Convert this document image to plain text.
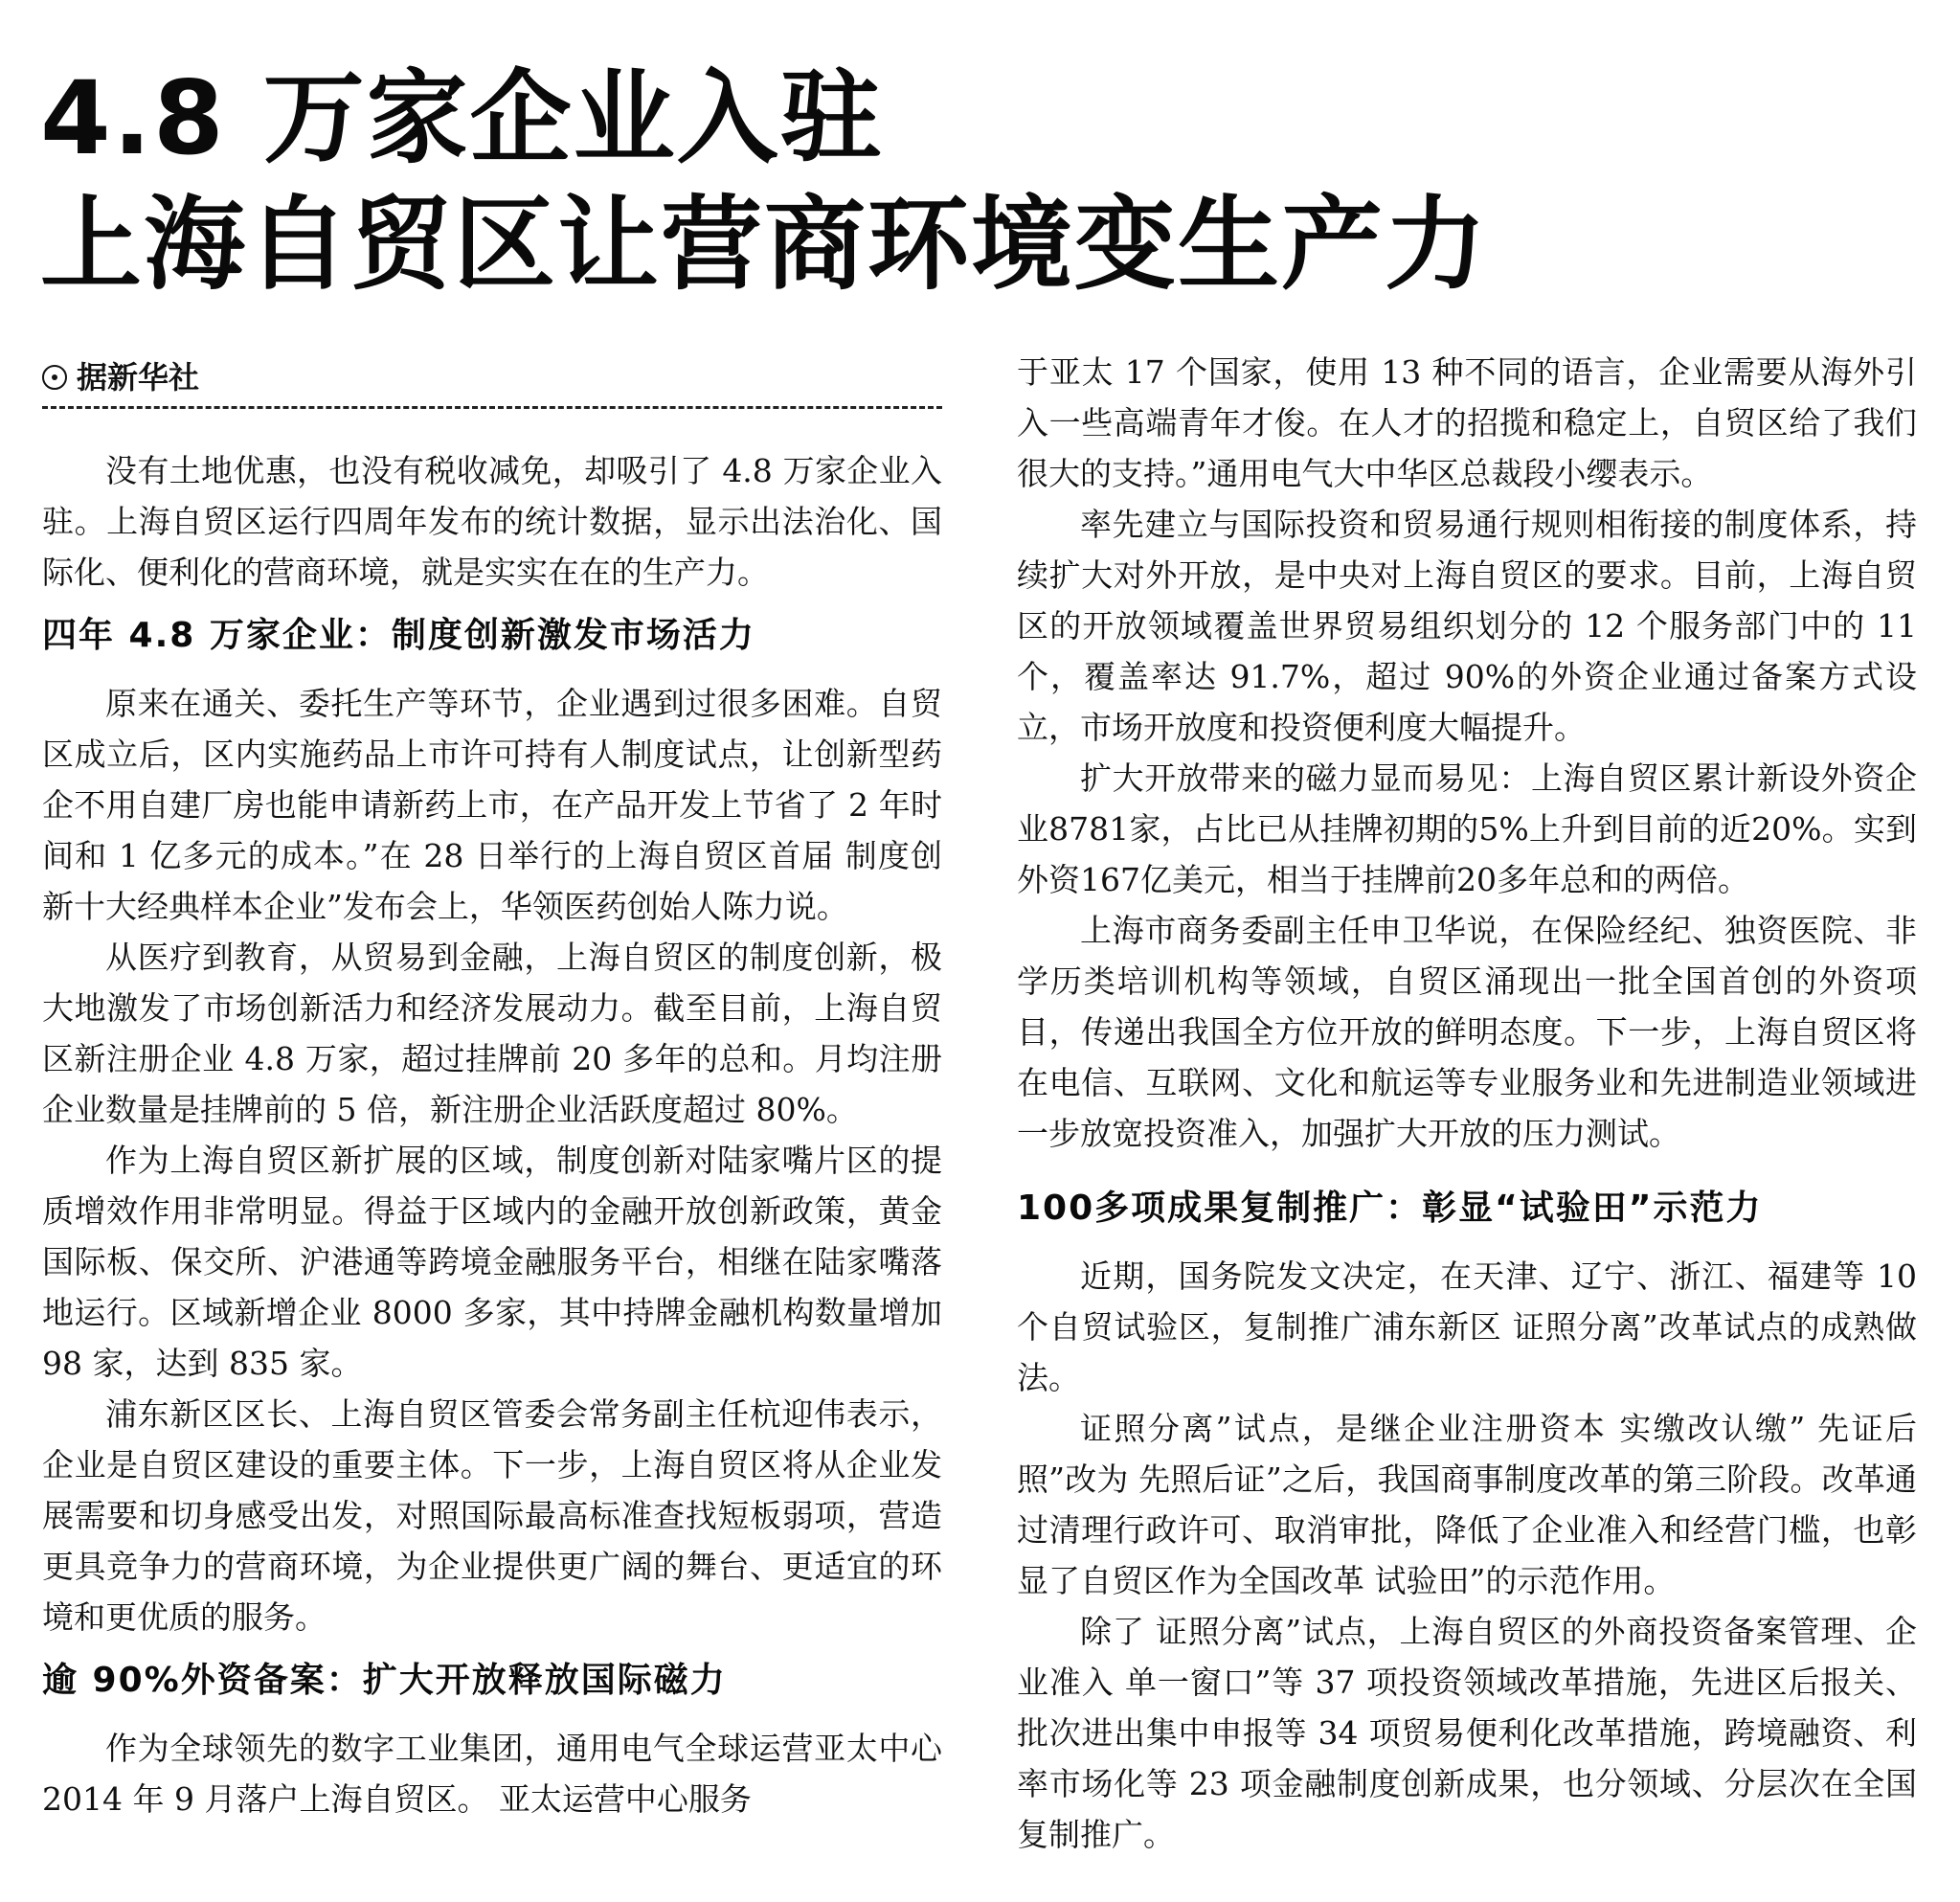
4.8 万家企业入驻
上海自贸区让营商环境变生产力
据新华社

没有土地优惠，也没有税收减免，却吸引了 4.8 万家企业入驻。上海自贸区运行四周年发布的统计数据，显示出法治化、国际化、便利化的营商环境，就是实实在在的生产力。

四年 4.8 万家企业：制度创新激发市场活力

原来在通关、委托生产等环节，企业遇到过很多困难。自贸区成立后，区内实施药品上市许可持有人制度试点，让创新型药企不用自建厂房也能申请新药上市，在产品开发上节省了 2 年时间和 1 亿多元的成本。”在 28 日举行的上海自贸区首届 制度创新十大经典样本企业”发布会上，华领医药创始人陈力说。

从医疗到教育，从贸易到金融，上海自贸区的制度创新，极大地激发了市场创新活力和经济发展动力。截至目前，上海自贸区新注册企业 4.8 万家，超过挂牌前 20 多年的总和。月均注册企业数量是挂牌前的 5 倍，新注册企业活跃度超过 80%。

作为上海自贸区新扩展的区域，制度创新对陆家嘴片区的提质增效作用非常明显。得益于区域内的金融开放创新政策，黄金国际板、保交所、沪港通等跨境金融服务平台，相继在陆家嘴落地运行。区域新增企业 8000 多家，其中持牌金融机构数量增加 98 家，达到 835 家。

浦东新区区长、上海自贸区管委会常务副主任杭迎伟表示，企业是自贸区建设的重要主体。下一步，上海自贸区将从企业发展需要和切身感受出发，对照国际最高标准查找短板弱项，营造更具竞争力的营商环境，为企业提供更广阔的舞台、更适宜的环境和更优质的服务。

逾 90%外资备案：扩大开放释放国际磁力

作为全球领先的数字工业集团，通用电气全球运营亚太中心 2014 年 9 月落户上海自贸区。 亚太运营中心服务

于亚太 17 个国家，使用 13 种不同的语言，企业需要从海外引入一些高端青年才俊。在人才的招揽和稳定上，自贸区给了我们很大的支持。”通用电气大中华区总裁段小缨表示。

率先建立与国际投资和贸易通行规则相衔接的制度体系，持续扩大对外开放，是中央对上海自贸区的要求。目前，上海自贸区的开放领域覆盖世界贸易组织划分的 12 个服务部门中的 11 个，覆盖率达 91.7%，超过 90%的外资企业通过备案方式设立，市场开放度和投资便利度大幅提升。

扩大开放带来的磁力显而易见：上海自贸区累计新设外资企业8781家，占比已从挂牌初期的5%上升到目前的近20%。实到外资167亿美元，相当于挂牌前20多年总和的两倍。

上海市商务委副主任申卫华说，在保险经纪、独资医院、非学历类培训机构等领域，自贸区涌现出一批全国首创的外资项目，传递出我国全方位开放的鲜明态度。下一步，上海自贸区将在电信、互联网、文化和航运等专业服务业和先进制造业领域进一步放宽投资准入，加强扩大开放的压力测试。

100多项成果复制推广：彰显“试验田”示范力

近期，国务院发文决定，在天津、辽宁、浙江、福建等 10 个自贸试验区，复制推广浦东新区 证照分离”改革试点的成熟做法。

证照分离”试点，是继企业注册资本 实缴改认缴” 先证后照”改为 先照后证”之后，我国商事制度改革的第三阶段。改革通过清理行政许可、取消审批，降低了企业准入和经营门槛，也彰显了自贸区作为全国改革 试验田”的示范作用。

除了 证照分离”试点，上海自贸区的外商投资备案管理、企业准入 单一窗口”等 37 项投资领域改革措施，先进区后报关、批次进出集中申报等 34 项贸易便利化改革措施，跨境融资、利率市场化等 23 项金融制度创新成果，也分领域、分层次在全国复制推广。
